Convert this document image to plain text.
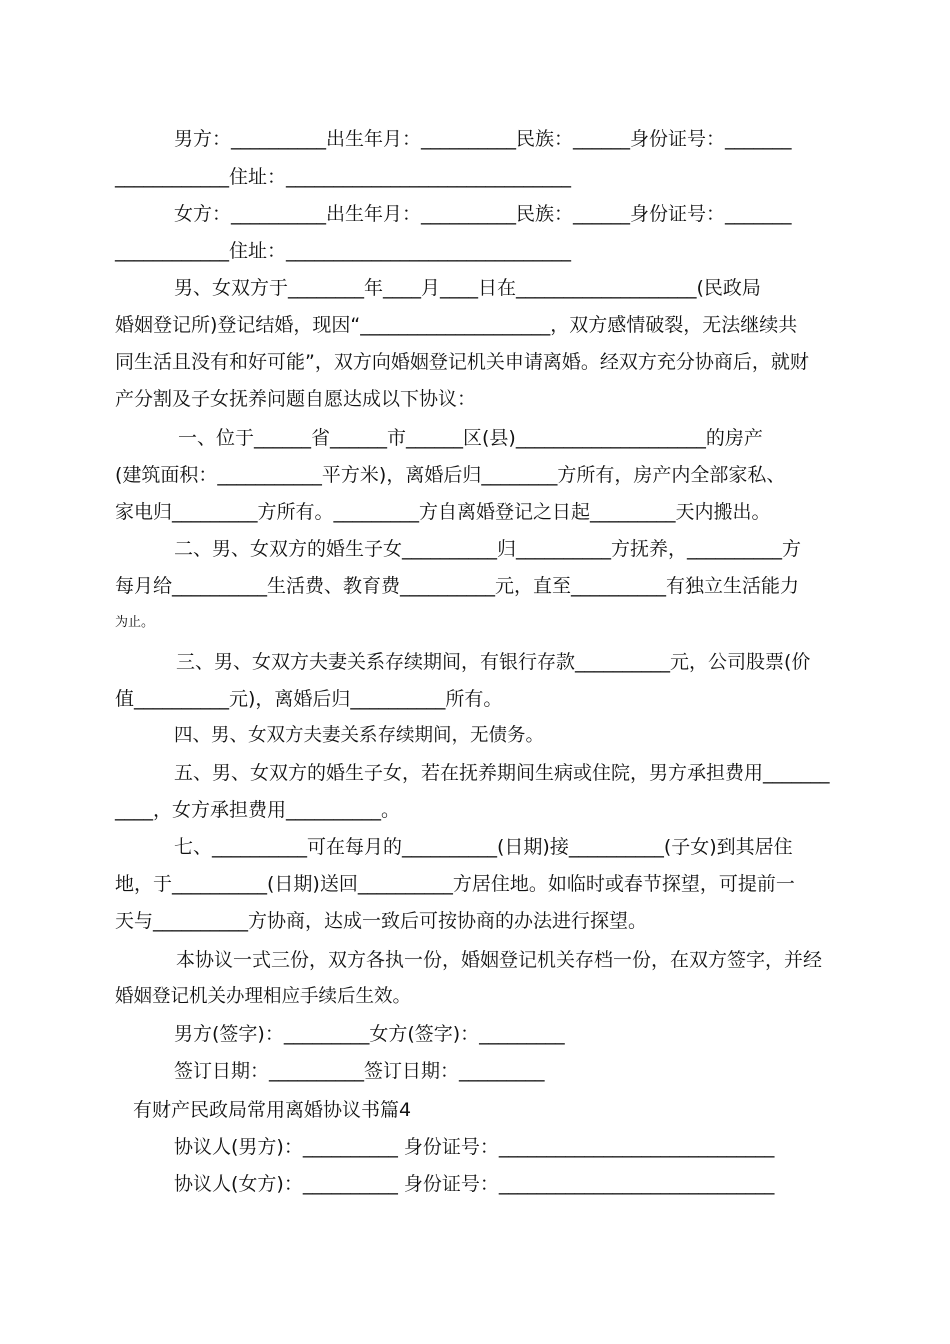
男方：__________出生年月：__________民族：______身份证号：_______
____________住址：______________________________
女方：__________出生年月：__________民族：______身份证号：_______
____________住址：______________________________
男、女双方于________年____月____日在___________________(民政局
婚姻登记所)登记结婚，现因“____________________，双方感情破裂，无法继续共
同生活且没有和好可能”，双方向婚姻登记机关申请离婚。经双方充分协商后，就财
产分割及子女抚养问题自愿达成以下协议：
一、位于______省______市______区(县)____________________的房产
(建筑面积：___________平方米)，离婚后归________方所有，房产内全部家私、
家电归_________方所有。_________方自离婚登记之日起_________天内搬出。
二、男、女双方的婚生子女__________归__________方抚养，__________方
每月给__________生活费、教育费__________元，直至__________有独立生活能力
为止。
三、男、女双方夫妻关系存续期间，有银行存款__________元，公司股票(价
值__________元)，离婚后归__________所有。
四、男、女双方夫妻关系存续期间，无债务。
五、男、女双方的婚生子女，若在抚养期间生病或住院，男方承担费用_______
____，女方承担费用__________。
七、__________可在每月的__________(日期)接__________(子女)到其居住
地，于__________(日期)送回__________方居住地。如临时或春节探望，可提前一
天与__________方协商，达成一致后可按协商的办法进行探望。
本协议一式三份，双方各执一份，婚姻登记机关存档一份，在双方签字，并经
婚姻登记机关办理相应手续后生效。
男方(签字)：_________女方(签字)：_________
签订日期：__________签订日期：_________
有财产民政局常用离婚协议书篇4
协议人(男方)：__________ 身份证号：_____________________________
协议人(女方)：__________ 身份证号：_____________________________
